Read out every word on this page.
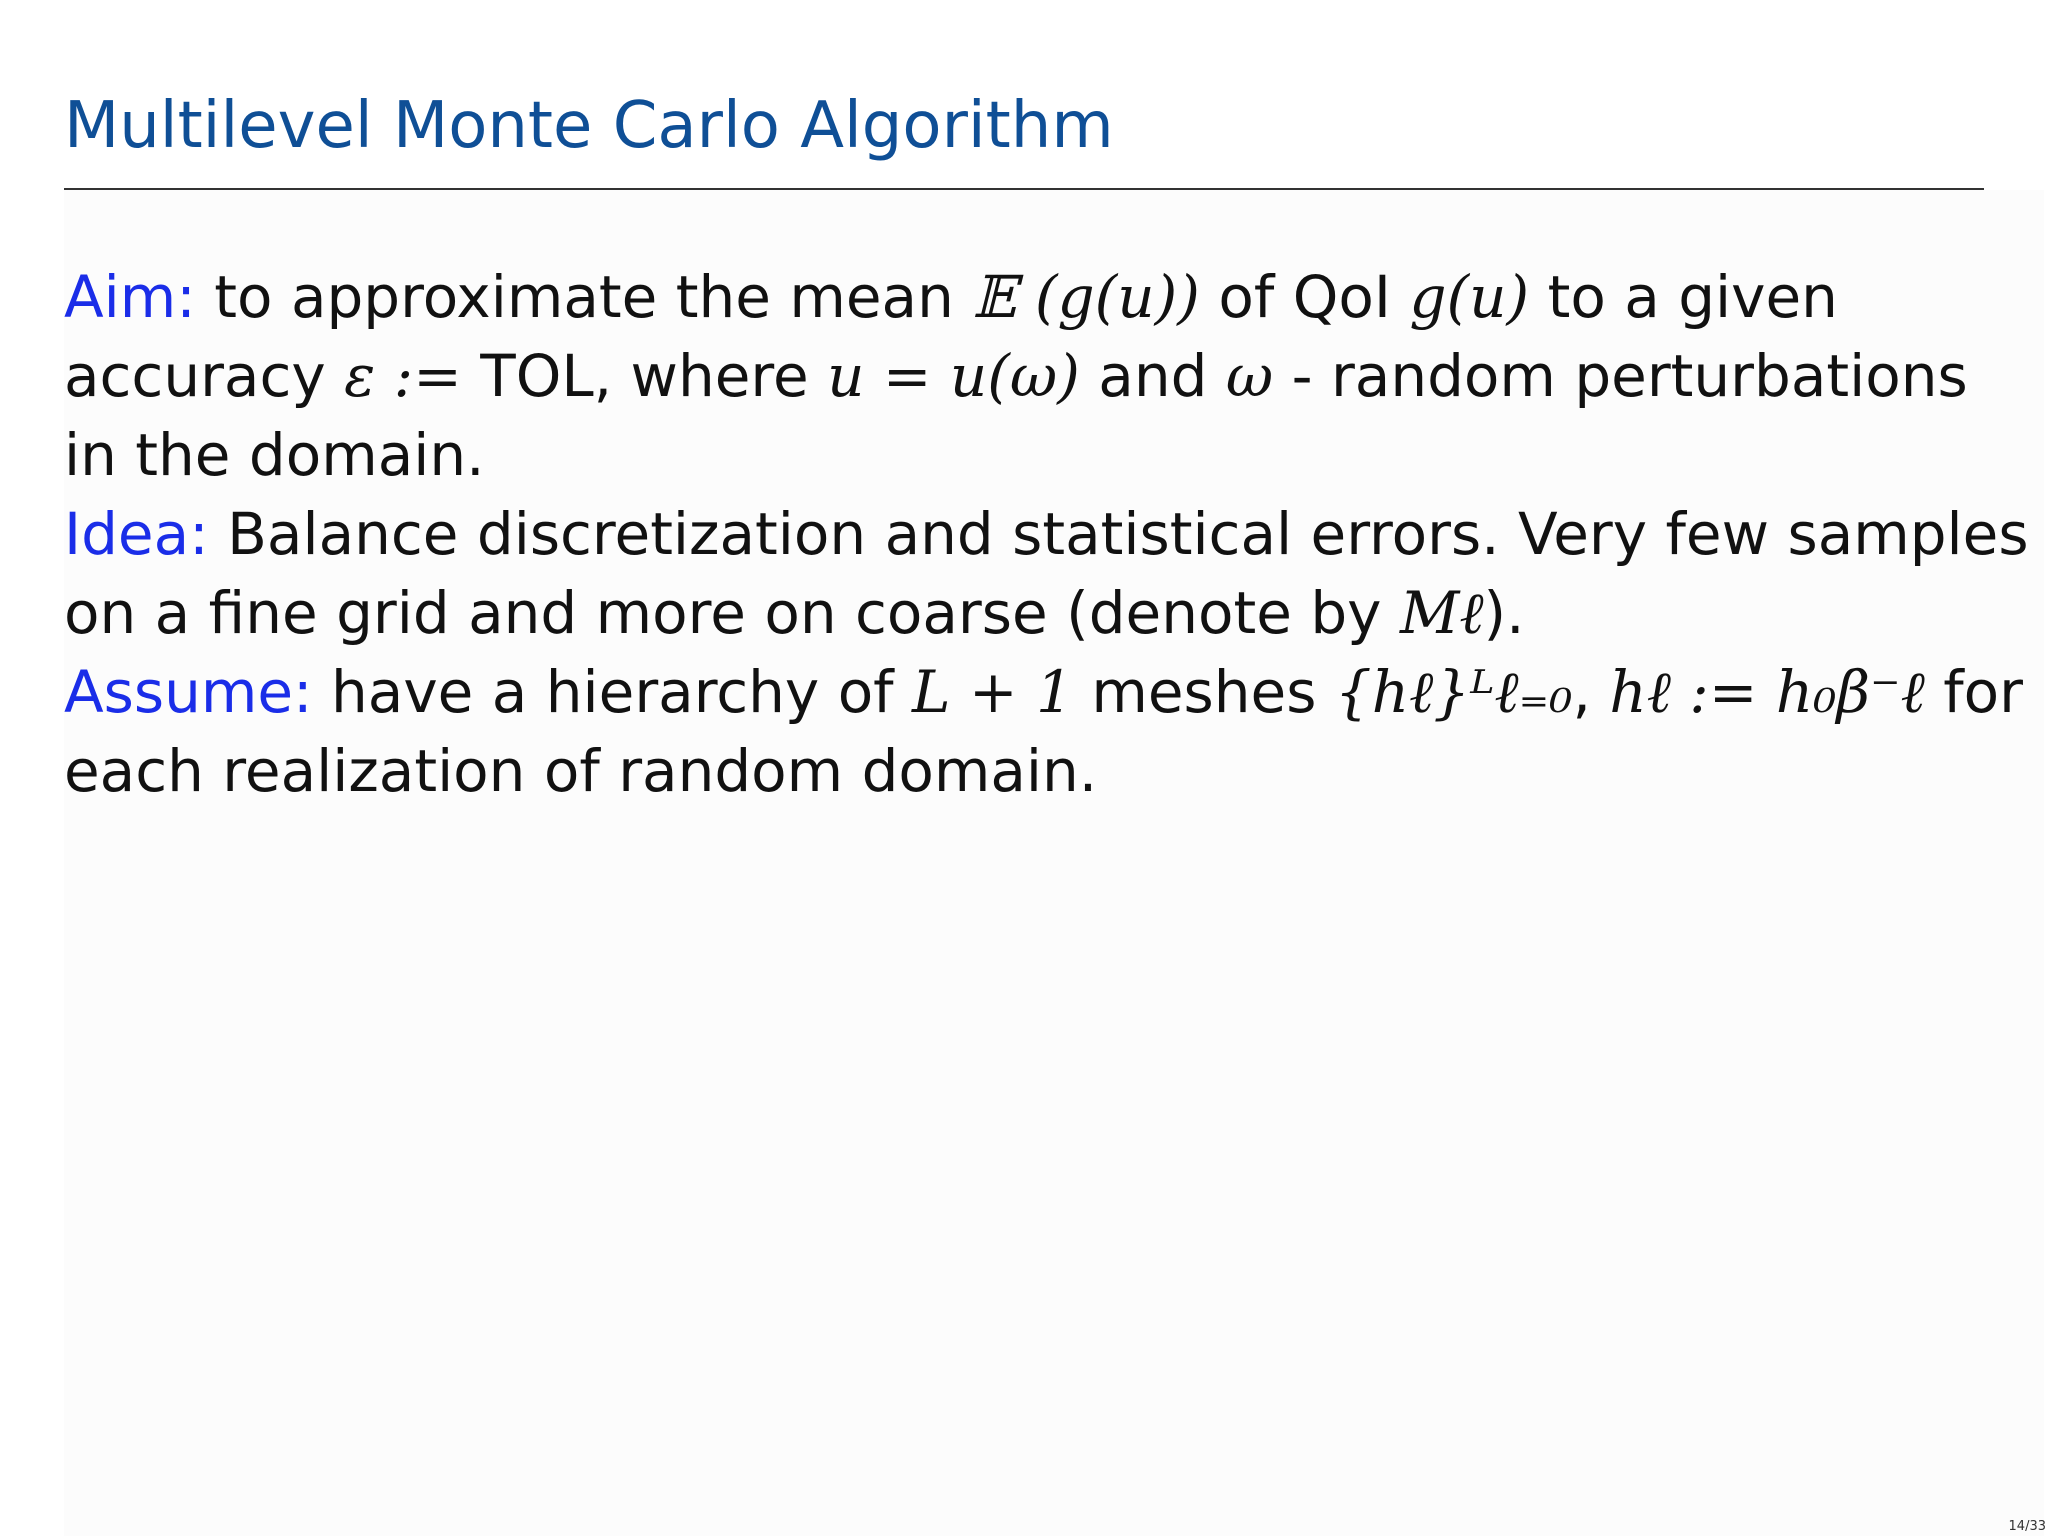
Multilevel Monte Carlo Algorithm

Aim: to approximate the mean 𝔼 (g(u)) of QoI g(u) to a given

accuracy ε := TOL, where u = u(ω) and ω - random perturbations

in the domain.

Idea: Balance discretization and statistical errors. Very few samples

on a fine grid and more on coarse (denote by Mℓ).

Assume: have a hierarchy of L + 1 meshes {hℓ}ᴸℓ₌₀, hℓ := h₀β⁻ℓ for

each realization of random domain.

14/33
